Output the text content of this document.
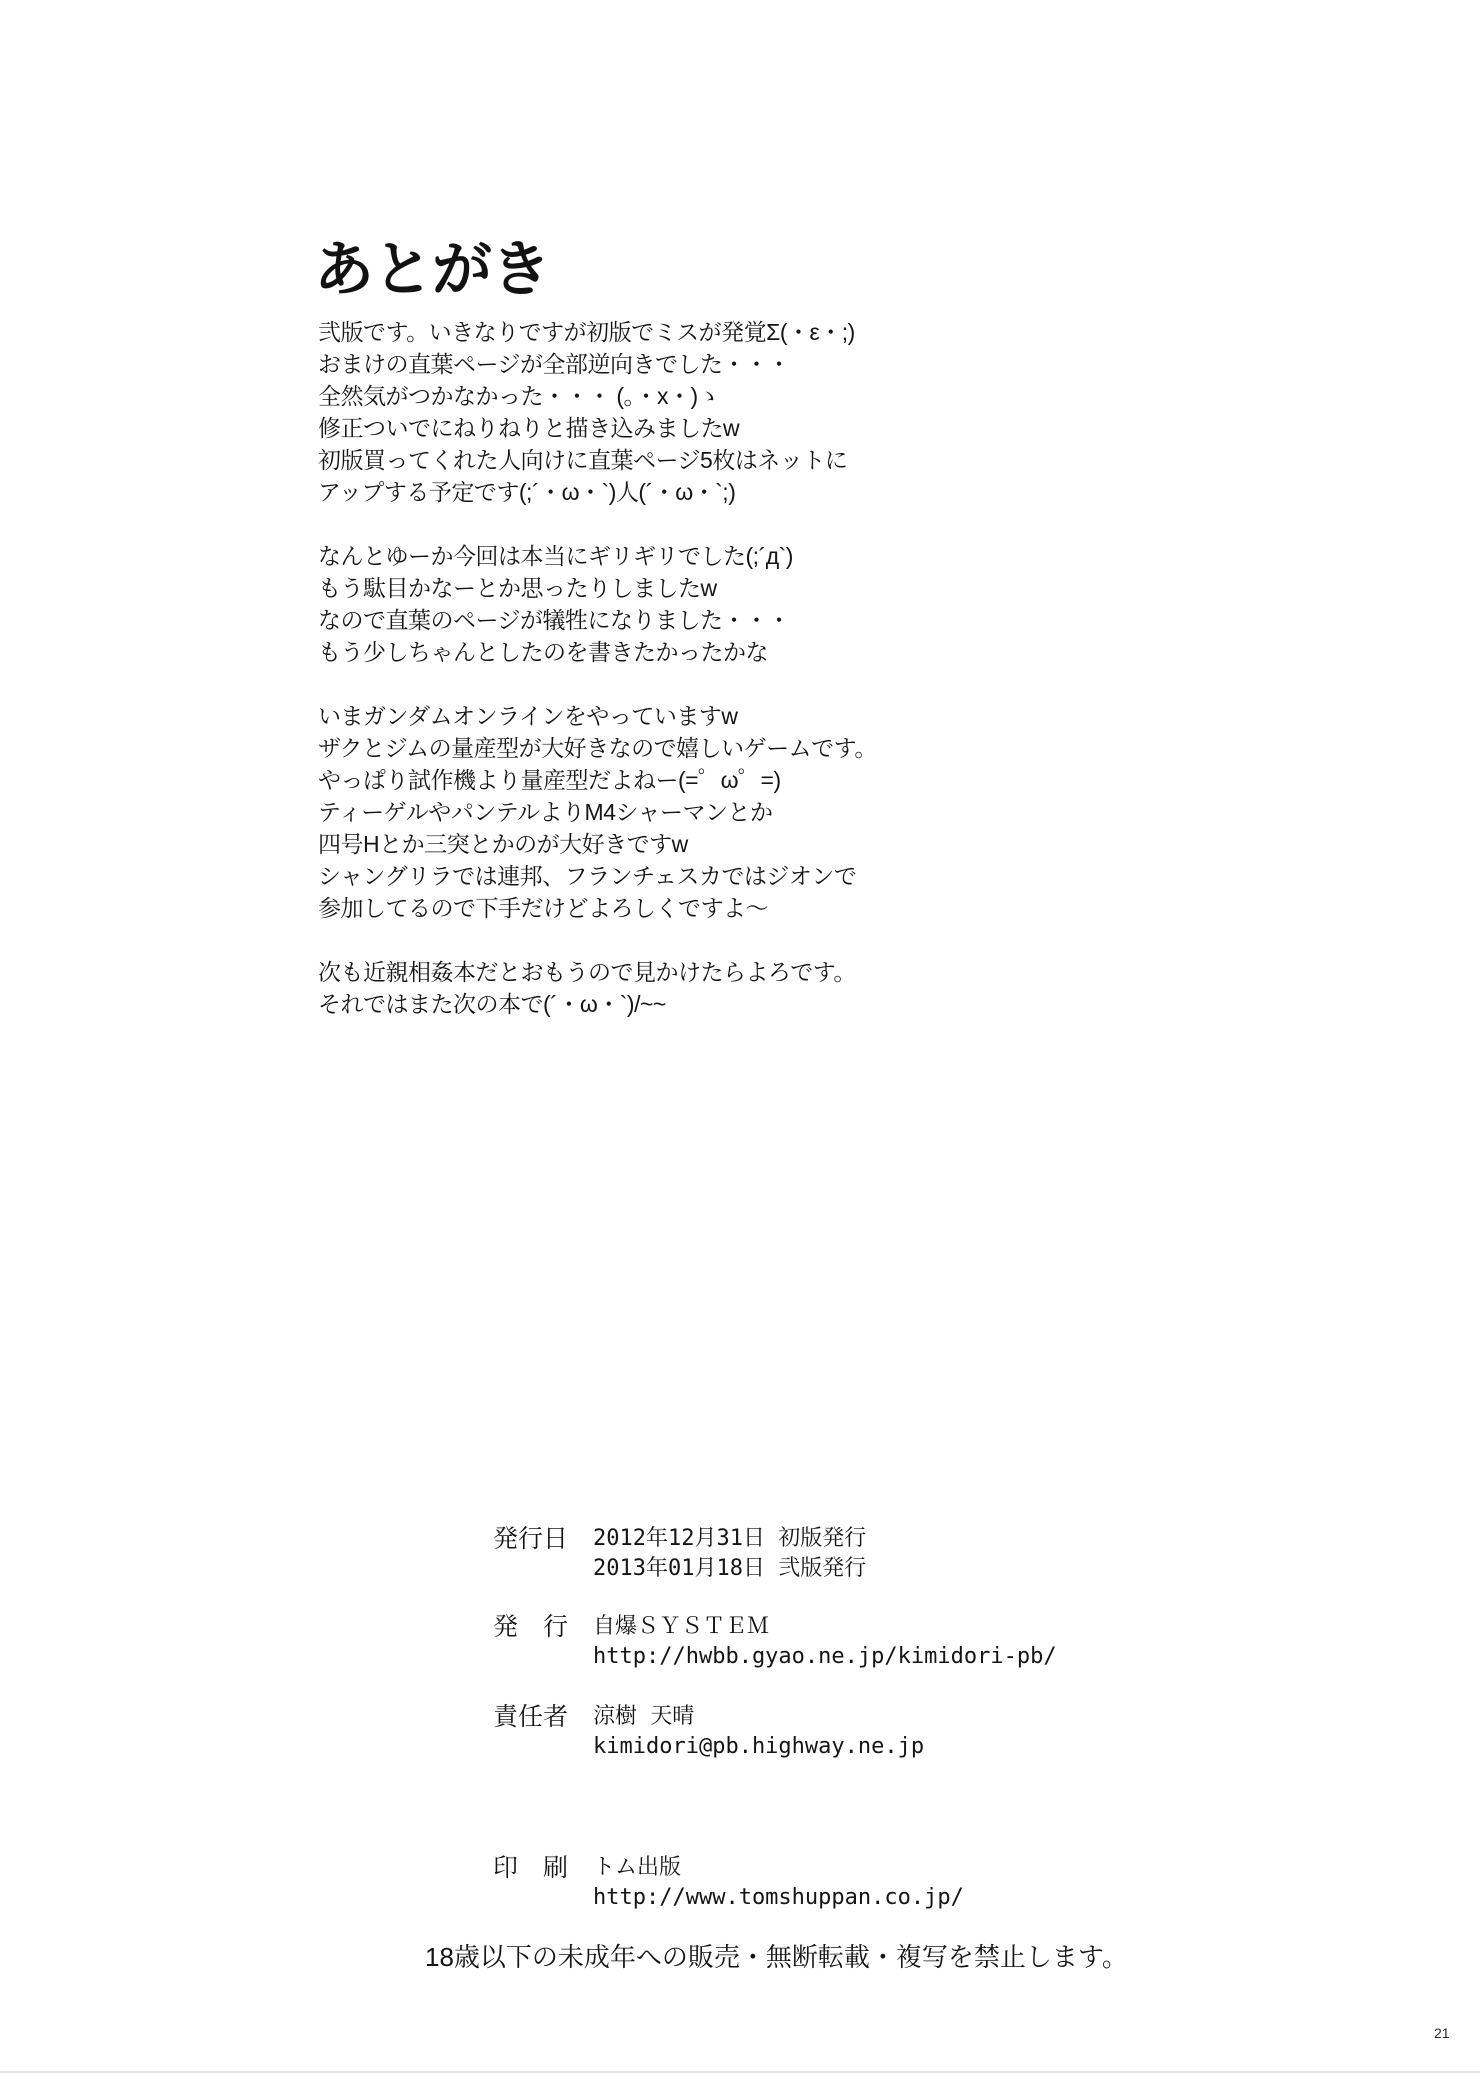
あとがき
弐版です。いきなりですが初版でミスが発覚Σ(・ε・;)
おまけの直葉ページが全部逆向きでした・・・
全然気がつかなかった・・・ (。・x・)ゝ
修正ついでにねりねりと描き込みましたw
初版買ってくれた人向けに直葉ページ5枚はネットに
アップする予定です(;´・ω・`)人(´・ω・`;)

なんとゆーか今回は本当にギリギリでした(;´д`)
もう駄目かなーとか思ったりしましたw
なので直葉のページが犠牲になりました・・・
もう少しちゃんとしたのを書きたかったかな

いまガンダムオンラインをやっていますw
ザクとジムの量産型が大好きなので嬉しいゲームです。
やっぱり試作機より量産型だよねー(=゜ω゜=)
ティーゲルやパンテルよりM4シャーマンとか
四号Hとか三突とかのが大好きですw
シャングリラでは連邦、フランチェスカではジオンで
参加してるので下手だけどよろしくですよ～

次も近親相姦本だとおもうので見かけたらよろです。
それではまた次の本で(´・ω・`)/~~
発行日	2012年12月31日 初版発行
2013年01月18日 弐版発行
発　行	自爆ＳＹＳＴＥＭ
http://hwbb.gyao.ne.jp/kimidori-pb/
責任者	涼樹 天晴
kimidori@pb.highway.ne.jp
印　刷	トム出版
http://www.tomshuppan.co.jp/
18歳以下の未成年への販売・無断転載・複写を禁止します。
21
